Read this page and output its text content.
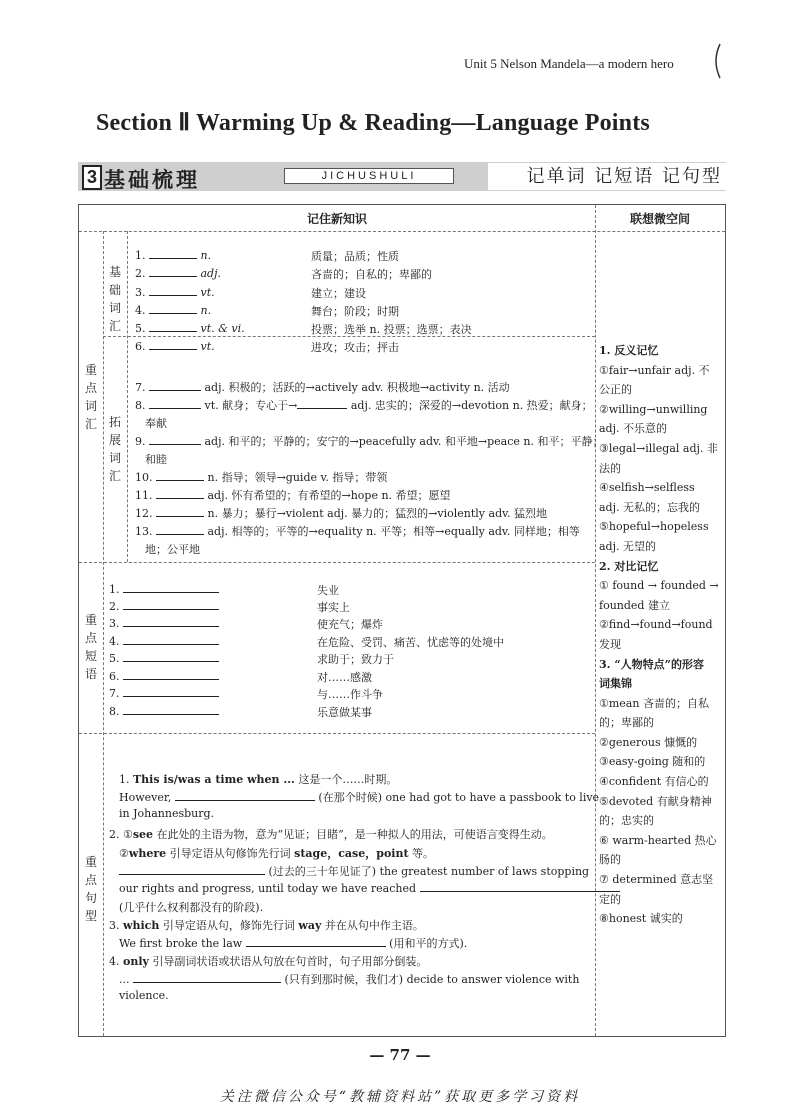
Unit 5 Nelson Mandela—a modern hero
Section Ⅱ Warming Up & Reading—Language Points
3 基础梳理	JICHUSHULI	记单词 记短语 记句型
记住新知识	联想微空间
重点词汇
基础词汇
拓展词汇
重点短语
重点句型
1.	n.	质量；品质；性质
2.	adj.	吝啬的；自私的；卑鄙的
3.	vt.	建立；建设
4.	n.	舞台；阶段；时期
5.	vt. & vi.	投票；选举 n. 投票；选票；表决
6.	vt.	进攻；攻击；抨击
7.	adj. 积极的；活跃的→actively adv. 积极地→activity n. 活动
8.	vt. 献身；专心于→	adj. 忠实的；深爱的→devotion n. 热爱；献身；
奉献
9.	adj. 和平的；平静的；安宁的→peacefully adv. 和平地→peace n. 和平；平静；
和睦
10.	n. 指导；领导→guide v. 指导；带领
11.	adj. 怀有希望的；有希望的→hope n. 希望；愿望
12.	n. 暴力；暴行→violent adj. 暴力的；猛烈的→violently adv. 猛烈地
13.	adj. 相等的；平等的→equality n. 平等；相等→equally adv. 同样地；相等
地；公平地
1.	失业
2.	事实上
3.	使充气；爆炸
4.	在危险、受罚、痛苦、忧虑等的处境中
5.	求助于；致力于
6.	对……感激
7.	与……作斗争
8.	乐意做某事
1. This is/was a time when ... 这是一个……时期。
However,	(在那个时候) one had got to have a passbook to live
in Johannesburg.
2. ①see 在此处的主语为物，意为“见证；目睹”，是一种拟人的用法，可使语言变得生动。
②where 引导定语从句修饰先行词 stage，case，point 等。
(过去的三十年见证了) the greatest number of laws stopping
our rights and progress, until today we have reached
(几乎什么权利都没有的阶段).
3. which 引导定语从句，修饰先行词 way 并在从句中作主语。
We first broke the law	(用和平的方式).
4. only 引导副词状语或状语从句放在句首时，句子用部分倒装。
...	(只有到那时候，我们才) decide to answer violence with
violence.
1. 反义记忆
①fair→unfair adj. 不
公正的
②willing→unwilling
adj. 不乐意的
③legal→illegal adj. 非
法的
④selfish→selfless
adj. 无私的；忘我的
⑤hopeful→hopeless
adj. 无望的
2. 对比记忆
① found → founded →
founded 建立
②find→found→found
发现
3. “人物特点”的形容
词集锦
①mean 吝啬的；自私
的；卑鄙的
②generous 慷慨的
③easy-going 随和的
④confident 有信心的
⑤devoted 有献身精神
的；忠实的
⑥ warm-hearted 热心
肠的
⑦ determined 意志坚
定的
⑧honest 诚实的
— 77 —
关注微信公众号“教辅资料站”获取更多学习资料
